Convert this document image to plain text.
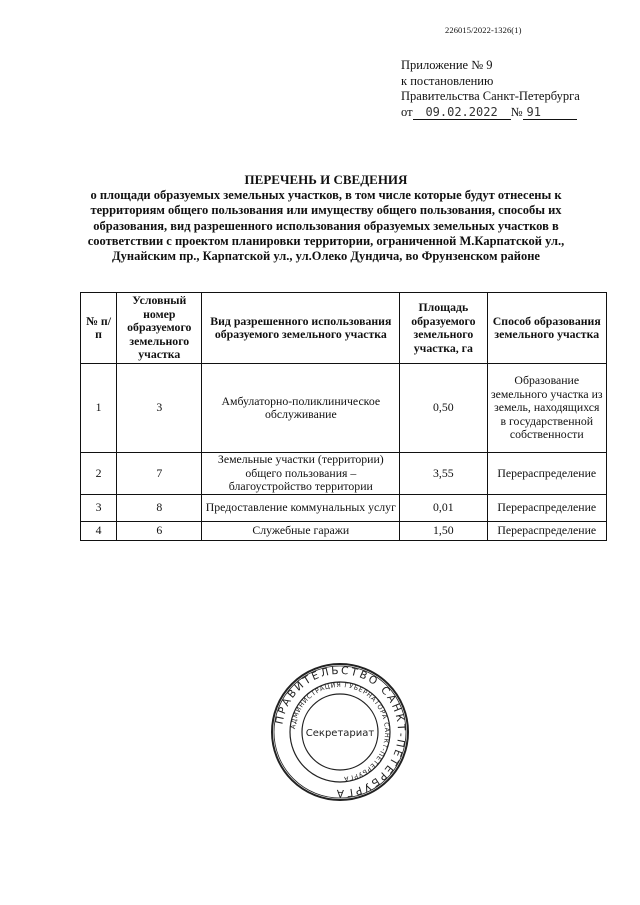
226015/2022-1326(1)
Приложение № 9
к постановлению
Правительства Санкт-Петербурга
от 09.02.2022 № 91
ПЕРЕЧЕНЬ И СВЕДЕНИЯ
о площади образуемых земельных участков, в том числе которые будут отнесены к
территориям общего пользования или имуществу общего пользования, способы их
образования, вид разрешенного использования образуемых земельных участков в
соответствии с проектом планировки территории, ограниченной М.Карпатской ул.,
Дунайским пр., Карпатской ул., ул.Олеко Дундича, во Фрунзенском районе
№ п/п	Условный номер образуемого земельного участка	Вид разрешенного использования образуемого земельного участка	Площадь образуемого земельного участка, га	Способ образования земельного участка
1	3	Амбулаторно-поликлиническое обслуживание	0,50	Образование земельного участка из земель, находящихся в государственной собственности
2	7	Земельные участки (территории) общего пользования – благоустройство территории	3,55	Перераспределение
3	8	Предоставление коммунальных услуг	0,01	Перераспределение
4	6	Служебные гаражи	1,50	Перераспределение
ПРАВИТЕЛЬСТВО САНКТ-ПЕТЕРБУРГА
АДМИНИСТРАЦИЯ ГУБЕРНАТОРА САНКТ-ПЕТЕРБУРГА
Секретариат
